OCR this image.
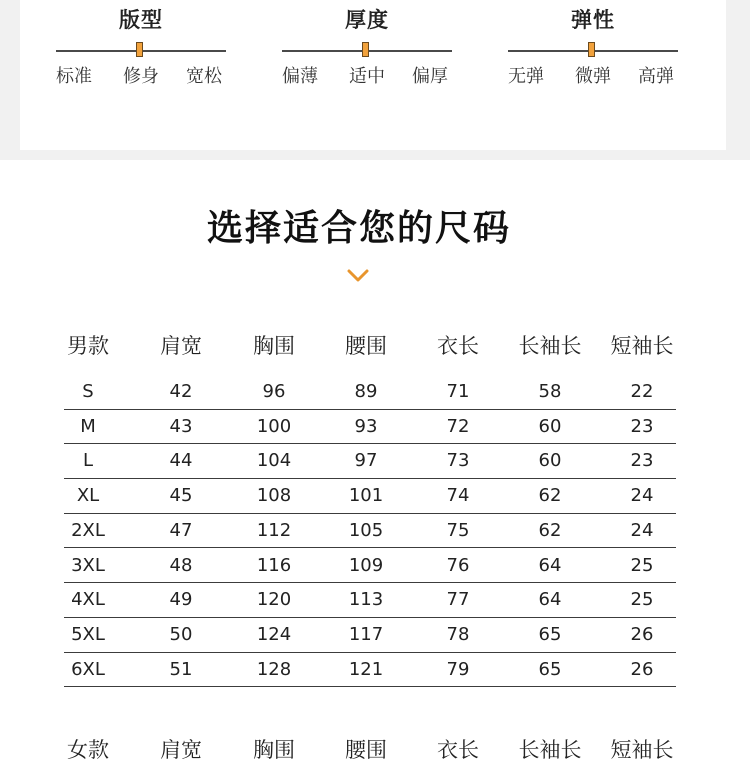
版型
标准	修身	宽松
厚度
偏薄	适中	偏厚
弹性
无弹	微弹	高弹
选择适合您的尺码
男款	肩宽	胸围	腰围	衣长	长袖长	短袖长
S	42	96	89	71	58	22
M	43	100	93	72	60	23
L	44	104	97	73	60	23
XL	45	108	101	74	62	24
2XL	47	112	105	75	62	24
3XL	48	116	109	76	64	25
4XL	49	120	113	77	64	25
5XL	50	124	117	78	65	26
6XL	51	128	121	79	65	26
女款	肩宽	胸围	腰围	衣长	长袖长	短袖长
